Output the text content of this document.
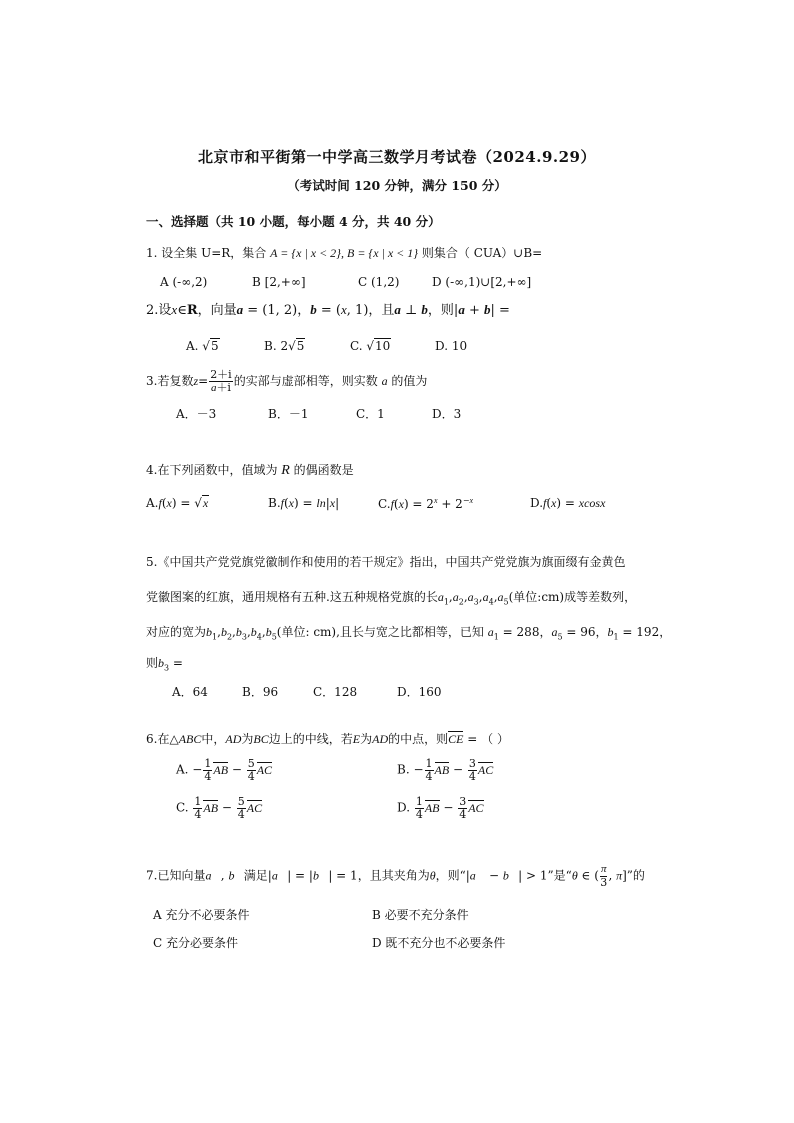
北京市和平街第一中学高三数学月考试卷（2024.9.29）
（考试时间 120 分钟，满分 150 分）
一、选择题（共 10 小题，每小题 4 分，共 40 分）
1. 设全集 U=R，集合 A = {x | x < 2}, B = {x | x < 1} 则集合（ CUA）∪B=
A (-∞,2)	B [2,+∞]	C (1,2)	D (-∞,1)∪[2,+∞]
2.设x∈R，向量a = (1, 2)，b = (x, 1)，且a ⊥ b，则|a + b| =
A. √5	B. 2√5	C. √10	D. 10
3.若复数$z= \frac{2+i}{a+i}$ 的实部与虚部相等，则实数 a 的值为
A．－3	B．－1	C．1	D．3
4.在下列函数中，值域为 R 的偶函数是
A.f(x) = √x	B.f(x) = ln|x|	$C.f(x) = 2^x + 2^{-x}$	D.f(x) = xcosx
5.《中国共产党党旗党徽制作和使用的若干规定》指出，中国共产党党旗为旗面缀有金黄色
党徽图案的红旗，通用规格有五种.这五种规格党旗的长$a_1,a_2,a_3,a_4,a_5$(单位:cm)成等差数列，
对应的宽为$b_1,b_2,b_3,b_4,b_5$(单位: cm),且长与宽之比都相等，已知 $a_1 = 288$，$a_5 = 96$，$b_1 = 192$，
则$b_3$ =
A．64	B．96	C．128	D．160
6.在△ABC中，AD为BC边上的中线，若E为AD的中点，则CE = （ ）
A. − $\frac{1}{4}$ AB − $\frac{5}{4}$ AC	B. − $\frac{1}{4}$ AB − $\frac{3}{4}$ AC
C. $\frac{1}{4}$ AB − $\frac{5}{4}$ AC	D. $\frac{1}{4}$ AB − $\frac{3}{4}$ AC
7.已知向量a⃗, b⃗满足|a⃗| = |b⃗| = 1，且其夹角为θ，则“|a⃗ − b⃗| > 1”是“θ ∈ ( $\frac{\pi}{3}$ , π]”的
A 充分不必要条件	B 必要不充分条件
C 充分必要条件	D 既不充分也不必要条件
